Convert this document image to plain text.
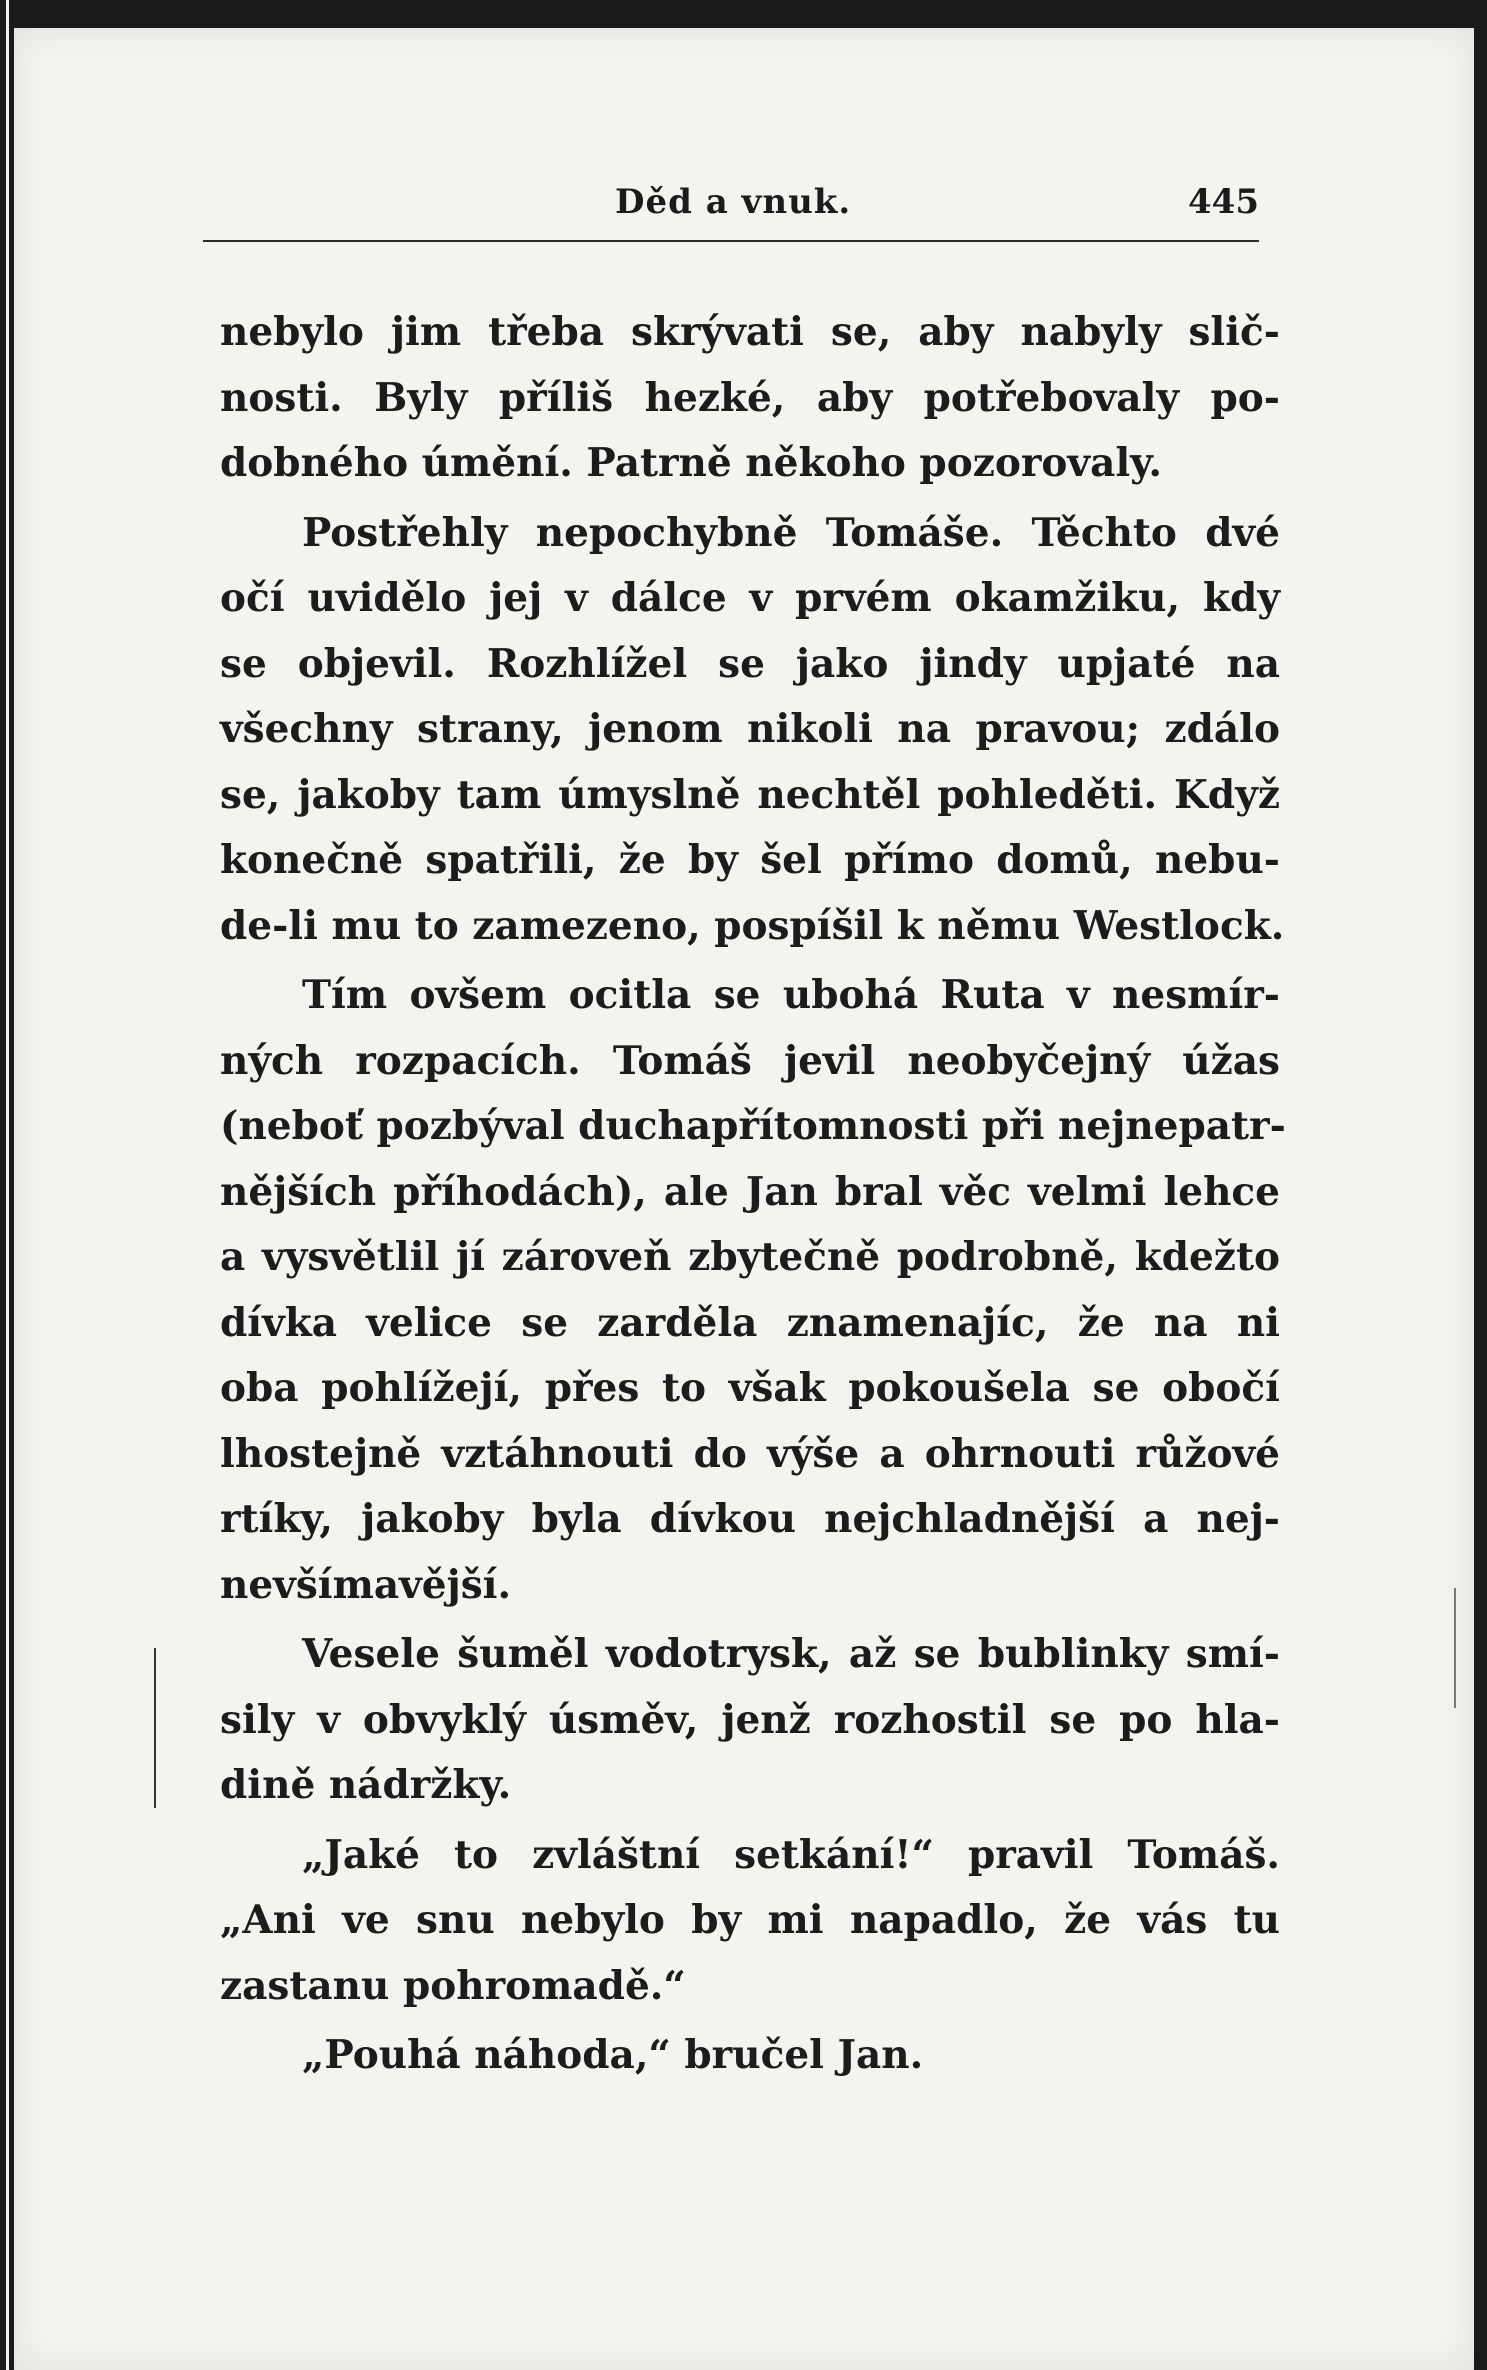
Děd a vnuk.	445
nebylo jim třeba skrývati se, aby nabyly slič-
nosti. Byly příliš hezké, aby potřebovaly po-
dobného úmění. Patrně někoho pozorovaly.
Postřehly nepochybně Tomáše. Těchto dvé
očí uvidělo jej v dálce v prvém okamžiku, kdy
se objevil. Rozhlížel se jako jindy upjaté na
všechny strany, jenom nikoli na pravou; zdálo
se, jakoby tam úmyslně nechtěl pohleděti. Když
konečně spatřili, že by šel přímo domů, nebu-
de-li mu to zamezeno, pospíšil k němu Westlock.
Tím ovšem ocitla se ubohá Ruta v nesmír-
ných rozpacích. Tomáš jevil neobyčejný úžas
(neboť pozbýval duchapřítomnosti při nejnepatr-
nějších příhodách), ale Jan bral věc velmi lehce
a vysvětlil jí zároveň zbytečně podrobně, kdežto
dívka velice se zarděla znamenajíc, že na ni
oba pohlížejí, přes to však pokoušela se obočí
lhostejně vztáhnouti do výše a ohrnouti růžové
rtíky, jakoby byla dívkou nejchladnější a nej-
nevšímavější.
Vesele šuměl vodotrysk, až se bublinky smí-
sily v obvyklý úsměv, jenž rozhostil se po hla-
dině nádržky.
„Jaké to zvláštní setkání!“ pravil Tomáš.
„Ani ve snu nebylo by mi napadlo, že vás tu
zastanu pohromadě.“
„Pouhá náhoda,“ bručel Jan.
